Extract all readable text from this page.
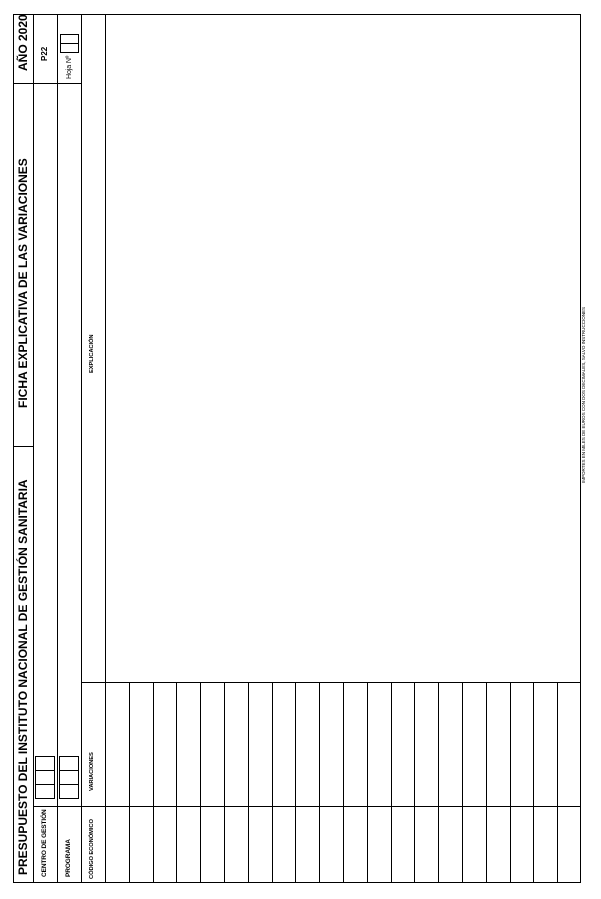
PRESUPUESTO DEL INSTITUTO NACIONAL DE GESTIÓN SANITARIA
FICHA EXPLICATIVA DE LAS VARIACIONES
AÑO 2020 P22
Hoja Nº
CENTRO DE GESTIÓN	PROGRAMA	CÓDIGO ECONÓMICO
VARIACIONES
EXPLICACIÓN	IMPORTES EN MILES DE EUROS CON DOS DECIMALES, SALVO INSTRUCCIONES
